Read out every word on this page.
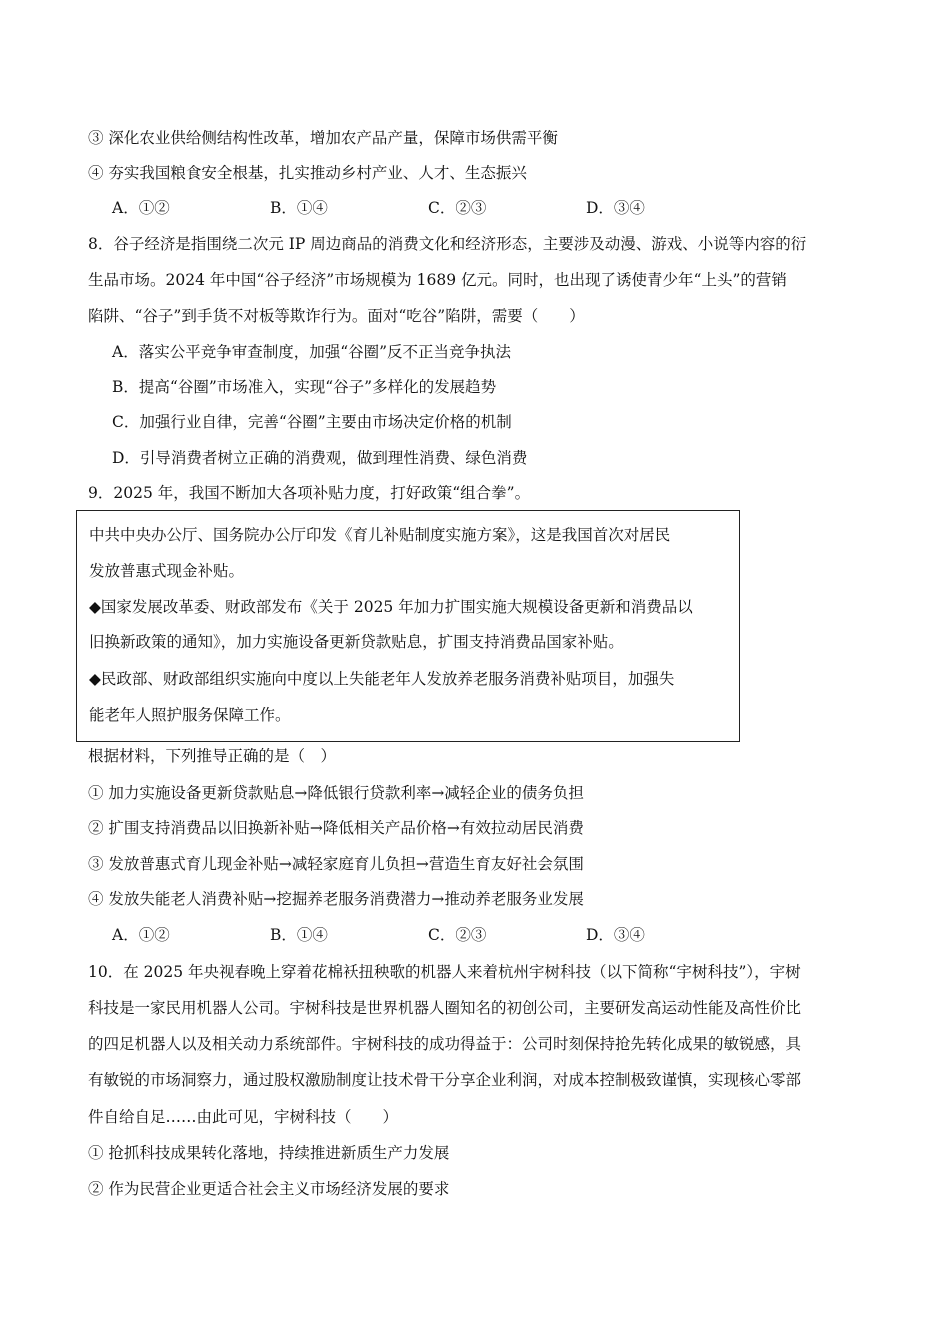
③ 深化农业供给侧结构性改革，增加农产品产量，保障市场供需平衡
④ 夯实我国粮食安全根基，扎实推动乡村产业、人才、生态振兴
A．①②	B．①④	C．②③	D．③④
8．谷子经济是指围绕二次元 IP 周边商品的消费文化和经济形态，主要涉及动漫、游戏、小说等内容的衍
生品市场。2024 年中国“谷子经济”市场规模为 1689 亿元。同时，也出现了诱使青少年“上头”的营销
陷阱、“谷子”到手货不对板等欺诈行为。面对“吃谷”陷阱，需要（　　）
A．落实公平竞争审查制度，加强“谷圈”反不正当竞争执法
B．提高“谷圈”市场准入，实现“谷子”多样化的发展趋势
C．加强行业自律，完善“谷圈”主要由市场决定价格的机制
D．引导消费者树立正确的消费观，做到理性消费、绿色消费
9．2025 年，我国不断加大各项补贴力度，打好政策“组合拳”。
中共中央办公厅、国务院办公厅印发《育儿补贴制度实施方案》，这是我国首次对居民
发放普惠式现金补贴。
◆国家发展改革委、财政部发布《关于 2025 年加力扩围实施大规模设备更新和消费品以
旧换新政策的通知》，加力实施设备更新贷款贴息，扩围支持消费品国家补贴。
◆民政部、财政部组织实施向中度以上失能老年人发放养老服务消费补贴项目，加强失
能老年人照护服务保障工作。
根据材料，下列推导正确的是（　）
① 加力实施设备更新贷款贴息→降低银行贷款利率→减轻企业的债务负担
② 扩围支持消费品以旧换新补贴→降低相关产品价格→有效拉动居民消费
③ 发放普惠式育儿现金补贴→减轻家庭育儿负担→营造生育友好社会氛围
④ 发放失能老人消费补贴→挖掘养老服务消费潜力→推动养老服务业发展
A．①②	B．①④	C．②③	D．③④
10．在 2025 年央视春晚上穿着花棉袄扭秧歌的机器人来着杭州宇树科技（以下简称“宇树科技”），宇树
科技是一家民用机器人公司。宇树科技是世界机器人圈知名的初创公司，主要研发高运动性能及高性价比
的四足机器人以及相关动力系统部件。宇树科技的成功得益于：公司时刻保持抢先转化成果的敏锐感，具
有敏锐的市场洞察力，通过股权激励制度让技术骨干分享企业利润，对成本控制极致谨慎，实现核心零部
件自给自足……由此可见，宇树科技（　　）
① 抢抓科技成果转化落地，持续推进新质生产力发展
② 作为民营企业更适合社会主义市场经济发展的要求
